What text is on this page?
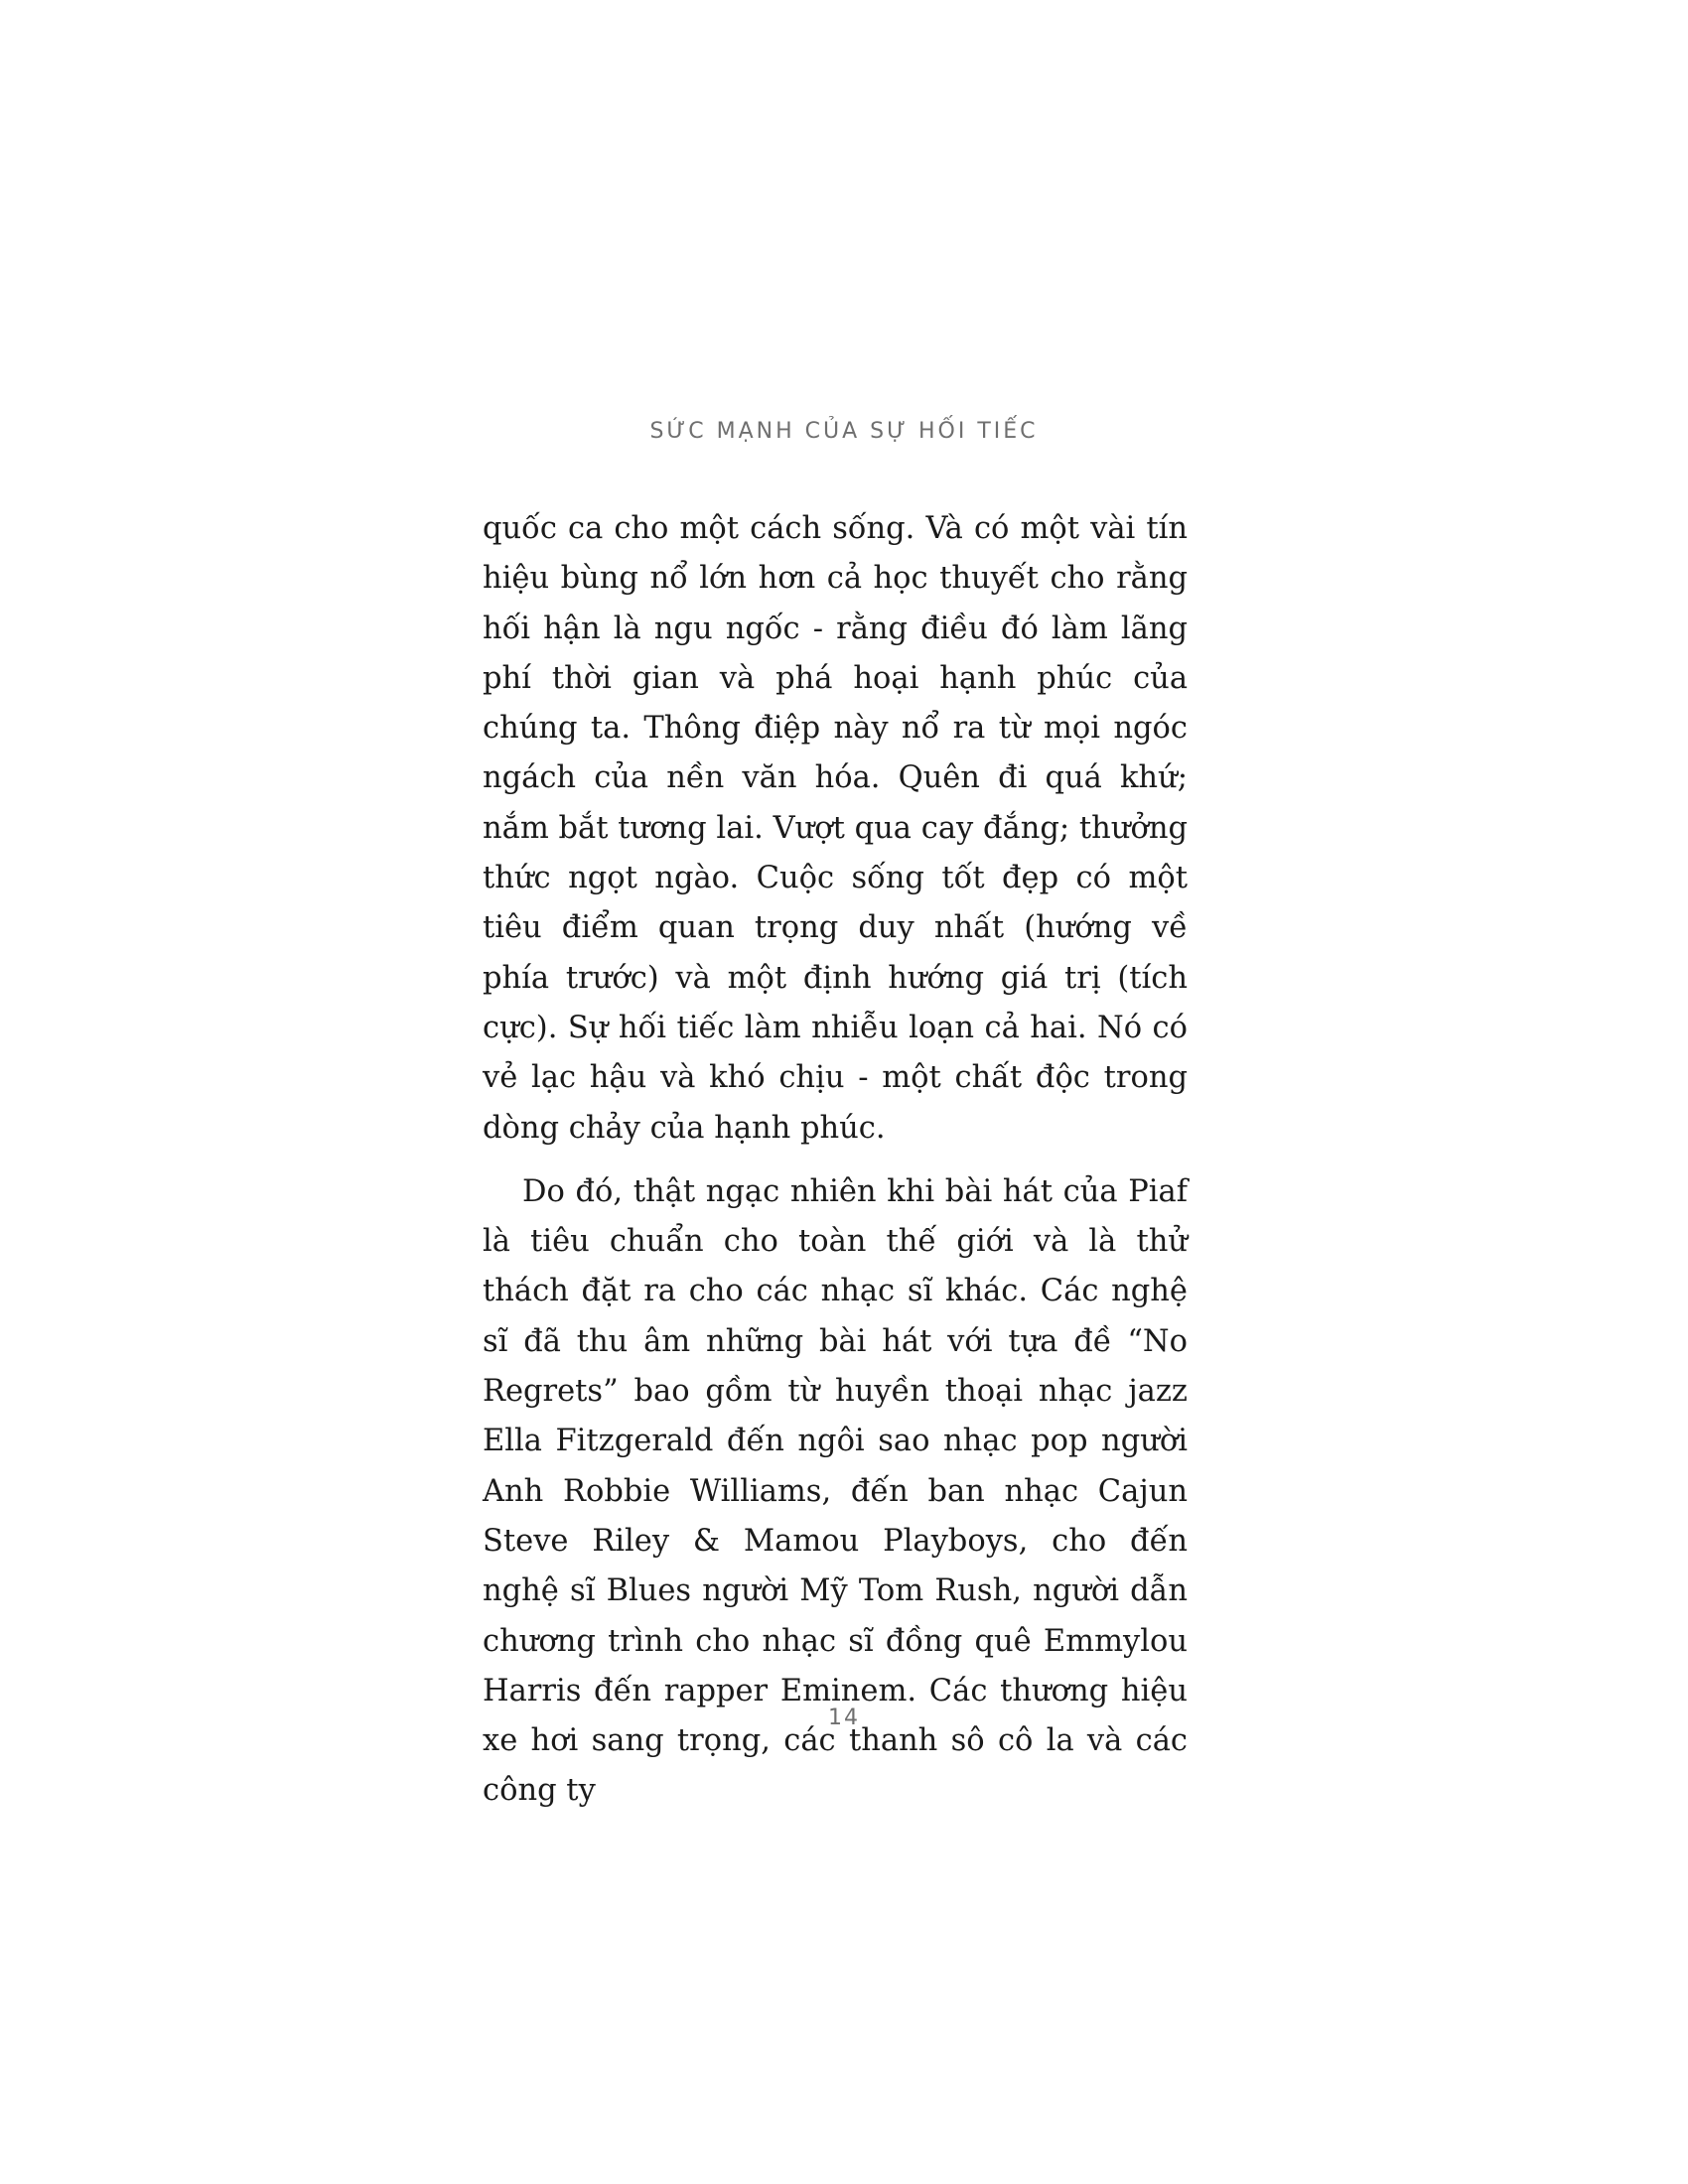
SỨC MẠNH CỦA SỰ HỐI TIẾC

quốc ca cho một cách sống. Và có một vài tín hiệu bùng nổ lớn hơn cả học thuyết cho rằng hối hận là ngu ngốc - rằng điều đó làm lãng phí thời gian và phá hoại hạnh phúc của chúng ta. Thông điệp này nổ ra từ mọi ngóc ngách của nền văn hóa. Quên đi quá khứ; nắm bắt tương lai. Vượt qua cay đắng; thưởng thức ngọt ngào. Cuộc sống tốt đẹp có một tiêu điểm quan trọng duy nhất (hướng về phía trước) và một định hướng giá trị (tích cực). Sự hối tiếc làm nhiễu loạn cả hai. Nó có vẻ lạc hậu và khó chịu - một chất độc trong dòng chảy của hạnh phúc.

Do đó, thật ngạc nhiên khi bài hát của Piaf là tiêu chuẩn cho toàn thế giới và là thử thách đặt ra cho các nhạc sĩ khác. Các nghệ sĩ đã thu âm những bài hát với tựa đề “No Regrets” bao gồm từ huyền thoại nhạc jazz Ella Fitzgerald đến ngôi sao nhạc pop người Anh Robbie Williams, đến ban nhạc Cajun Steve Riley & Mamou Playboys, cho đến nghệ sĩ Blues người Mỹ Tom Rush, người dẫn chương trình cho nhạc sĩ đồng quê Emmylou Harris đến rapper Eminem. Các thương hiệu xe hơi sang trọng, các thanh sô cô la và các công ty

14
